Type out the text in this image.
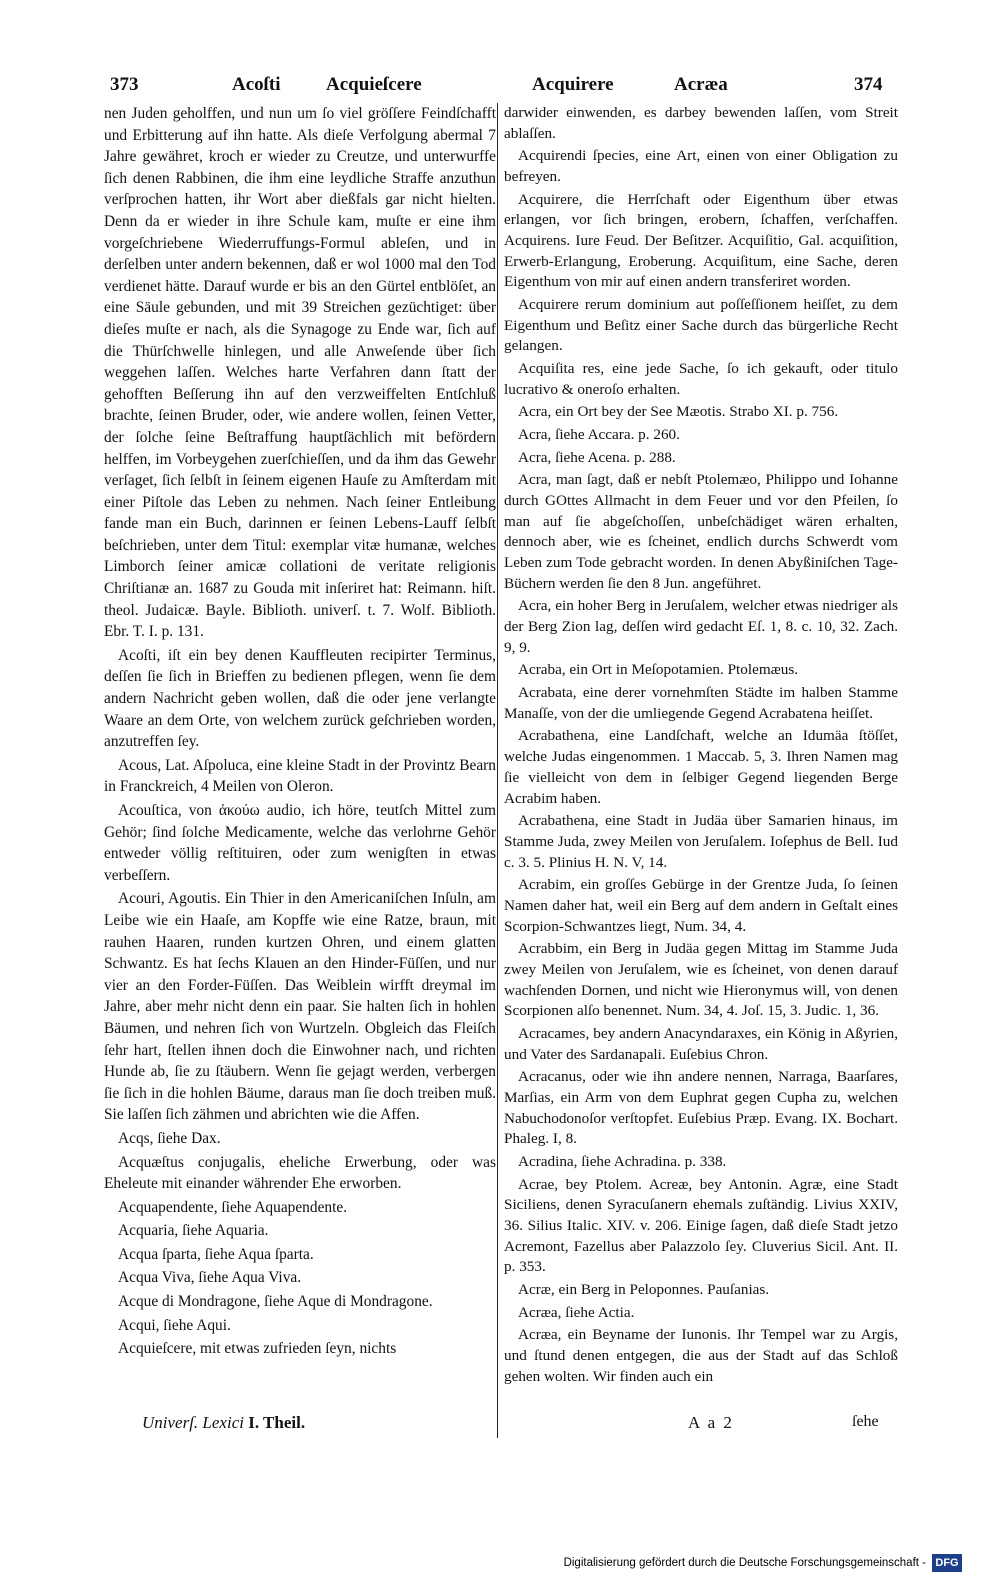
373	Acoſti Acquieſcere	Acquirere	Acræa	374

nen Juden geholffen, und nun um ſo viel gröſſere Feindſchafft und Erbitterung auf ihn hatte. Als dieſe Verfolgung abermal 7 Jahre gewähret, kroch er wieder zu Creutze, und unterwurffe ſich denen Rabbinen, die ihm eine leydliche Straffe anzuthun verſprochen hatten, ihr Wort aber dießfals gar nicht hielten. Denn da er wieder in ihre Schule kam, muſte er eine ihm vorgeſchriebene Wiederruffungs-Formul ableſen, und in derſelben unter andern bekennen, daß er wol 1000 mal den Tod verdienet hätte. Darauf wurde er bis an den Gürtel entblöſet, an eine Säule gebunden, und mit 39 Streichen gezüchtiget: über dieſes muſte er nach, als die Synagoge zu Ende war, ſich auf die Thürſchwelle hinlegen, und alle Anweſende über ſich weggehen laſſen. Welches harte Verfahren dann ſtatt der gehofften Beſſerung ihn auf den verzweiffelten Entſchluß brachte, ſeinen Bruder, oder, wie andere wollen, ſeinen Vetter, der ſolche ſeine Beſtraffung hauptſächlich mit befördern helffen, im Vorbeygehen zuerſchieſſen, und da ihm das Gewehr verſaget, ſich ſelbſt in ſeinem eigenen Hauſe zu Amſterdam mit einer Piſtole das Leben zu nehmen. Nach ſeiner Entleibung fande man ein Buch, darinnen er ſeinen Lebens-Lauff ſelbſt beſchrieben, unter dem Titul: exemplar vitæ humanæ, welches Limborch ſeiner amicæ collationi de veritate religionis Chriſtianæ an. 1687 zu Gouda mit inſeriret hat: Reimann. hiſt. theol. Judaicæ. Bayle. Biblioth. univerſ. t. 7. Wolf. Biblioth. Ebr. T. I. p. 131.

Acoſti, iſt ein bey denen Kauffleuten recipirter Terminus, deſſen ſie ſich in Brieffen zu bedienen pflegen, wenn ſie dem andern Nachricht geben wollen, daß die oder jene verlangte Waare an dem Orte, von welchem zurück geſchrieben worden, anzutreffen ſey.

Acous, Lat. Aſpoluca, eine kleine Stadt in der Provintz Bearn in Franckreich, 4 Meilen von Oleron.

Acouſtica, von ἀκούω audio, ich höre, teutſch Mittel zum Gehör; ſind ſolche Medicamente, welche das verlohrne Gehör entweder völlig reſtituiren, oder zum wenigſten in etwas verbeſſern.

Acouri, Agoutis. Ein Thier in den Americaniſchen Inſuln, am Leibe wie ein Haaſe, am Kopffe wie eine Ratze, braun, mit rauhen Haaren, runden kurtzen Ohren, und einem glatten Schwantz. Es hat ſechs Klauen an den Hinder-Füſſen, und nur vier an den Forder-Füſſen. Das Weiblein wirfft dreymal im Jahre, aber mehr nicht denn ein paar. Sie halten ſich in hohlen Bäumen, und nehren ſich von Wurtzeln. Obgleich das Fleiſch ſehr hart, ſtellen ihnen doch die Einwohner nach, und richten Hunde ab, ſie zu ſtäubern. Wenn ſie gejagt werden, verbergen ſie ſich in die hohlen Bäume, daraus man ſie doch treiben muß. Sie laſſen ſich zähmen und abrichten wie die Affen.

Acqs, ſiehe Dax.

Acquæſtus conjugalis, eheliche Erwerbung, oder was Eheleute mit einander währender Ehe erworben.

Acquapendente, ſiehe Aquapendente.

Acquaria, ſiehe Aquaria.

Acqua ſparta, ſiehe Aqua ſparta.

Acqua Viva, ſiehe Aqua Viva.

Acque di Mondragone, ſiehe Aque di Mondragone.

Acqui, ſiehe Aqui.

Acquieſcere, mit etwas zufrieden ſeyn, nichts

darwider einwenden, es darbey bewenden laſſen, vom Streit ablaſſen.

Acquirendi ſpecies, eine Art, einen von einer Obligation zu befreyen.

Acquirere, die Herrſchaft oder Eigenthum über etwas erlangen, vor ſich bringen, erobern, ſchaffen, verſchaffen. Acquirens. Iure Feud. Der Beſitzer. Acquiſitio, Gal. acquiſition, Erwerb-Erlangung, Eroberung. Acquiſitum, eine Sache, deren Eigenthum von mir auf einen andern transferiret worden.

Acquirere rerum dominium aut poſſeſſionem heiſſet, zu dem Eigenthum und Beſitz einer Sache durch das bürgerliche Recht gelangen.

Acquiſita res, eine jede Sache, ſo ich gekauft, oder titulo lucrativo & oneroſo erhalten.

Acra, ein Ort bey der See Mæotis. Strabo XI. p. 756.

Acra, ſiehe Accara. p. 260.

Acra, ſiehe Acena. p. 288.

Acra, man ſagt, daß er nebſt Ptolemæo, Philippo und Iohanne durch GOttes Allmacht in dem Feuer und vor den Pfeilen, ſo man auf ſie abgeſchoſſen, unbeſchädiget wären erhalten, dennoch aber, wie es ſcheinet, endlich durchs Schwerdt vom Leben zum Tode gebracht worden. In denen Abyßiniſchen Tage-Büchern werden ſie den 8 Jun. angeführet.

Acra, ein hoher Berg in Jeruſalem, welcher etwas niedriger als der Berg Zion lag, deſſen wird gedacht Eſ. 1, 8. c. 10, 32. Zach. 9, 9.

Acraba, ein Ort in Meſopotamien. Ptolemæus.

Acrabata, eine derer vornehmſten Städte im halben Stamme Manaſſe, von der die umliegende Gegend Acrabatena heiſſet.

Acrabathena, eine Landſchaft, welche an Idumäa ſtöſſet, welche Judas eingenommen. 1 Maccab. 5, 3. Ihren Namen mag ſie vielleicht von dem in ſelbiger Gegend liegenden Berge Acrabim haben.

Acrabathena, eine Stadt in Judäa über Samarien hinaus, im Stamme Juda, zwey Meilen von Jeruſalem. Ioſephus de Bell. Iud c. 3. 5. Plinius H. N. V, 14.

Acrabim, ein groſſes Gebürge in der Grentze Juda, ſo ſeinen Namen daher hat, weil ein Berg auf dem andern in Geſtalt eines Scorpion-Schwantzes liegt, Num. 34, 4.

Acrabbim, ein Berg in Judäa gegen Mittag im Stamme Juda zwey Meilen von Jeruſalem, wie es ſcheinet, von denen darauf wachſenden Dornen, und nicht wie Hieronymus will, von denen Scorpionen alſo benennet. Num. 34, 4. Joſ. 15, 3. Judic. 1, 36.

Acracames, bey andern Anacyndaraxes, ein König in Aßyrien, und Vater des Sardanapali. Euſebius Chron.

Acracanus, oder wie ihn andere nennen, Narraga, Baarſares, Marſias, ein Arm von dem Euphrat gegen Cupha zu, welchen Nabuchodonoſor verſtopfet. Euſebius Præp. Evang. IX. Bochart. Phaleg. I, 8.

Acradina, ſiehe Achradina. p. 338.

Acrae, bey Ptolem. Acreæ, bey Antonin. Agræ, eine Stadt Siciliens, denen Syracuſanern ehemals zuſtändig. Livius XXIV, 36. Silius Italic. XIV. v. 206. Einige ſagen, daß dieſe Stadt jetzo Acremont, Fazellus aber Palazzolo ſey. Cluverius Sicil. Ant. II. p. 353.

Acræ, ein Berg in Peloponnes. Pauſanias.

Acræa, ſiehe Actia.

Acræa, ein Beyname der Iunonis. Ihr Tempel war zu Argis, und ſtund denen entgegen, die aus der Stadt auf das Schloß gehen wolten. Wir finden auch ein

Univerſ. Lexici I. Theil.	A a 2	ſehe
Digitalisierung gefördert durch die Deutsche Forschungsgemeinschaft - DFG
